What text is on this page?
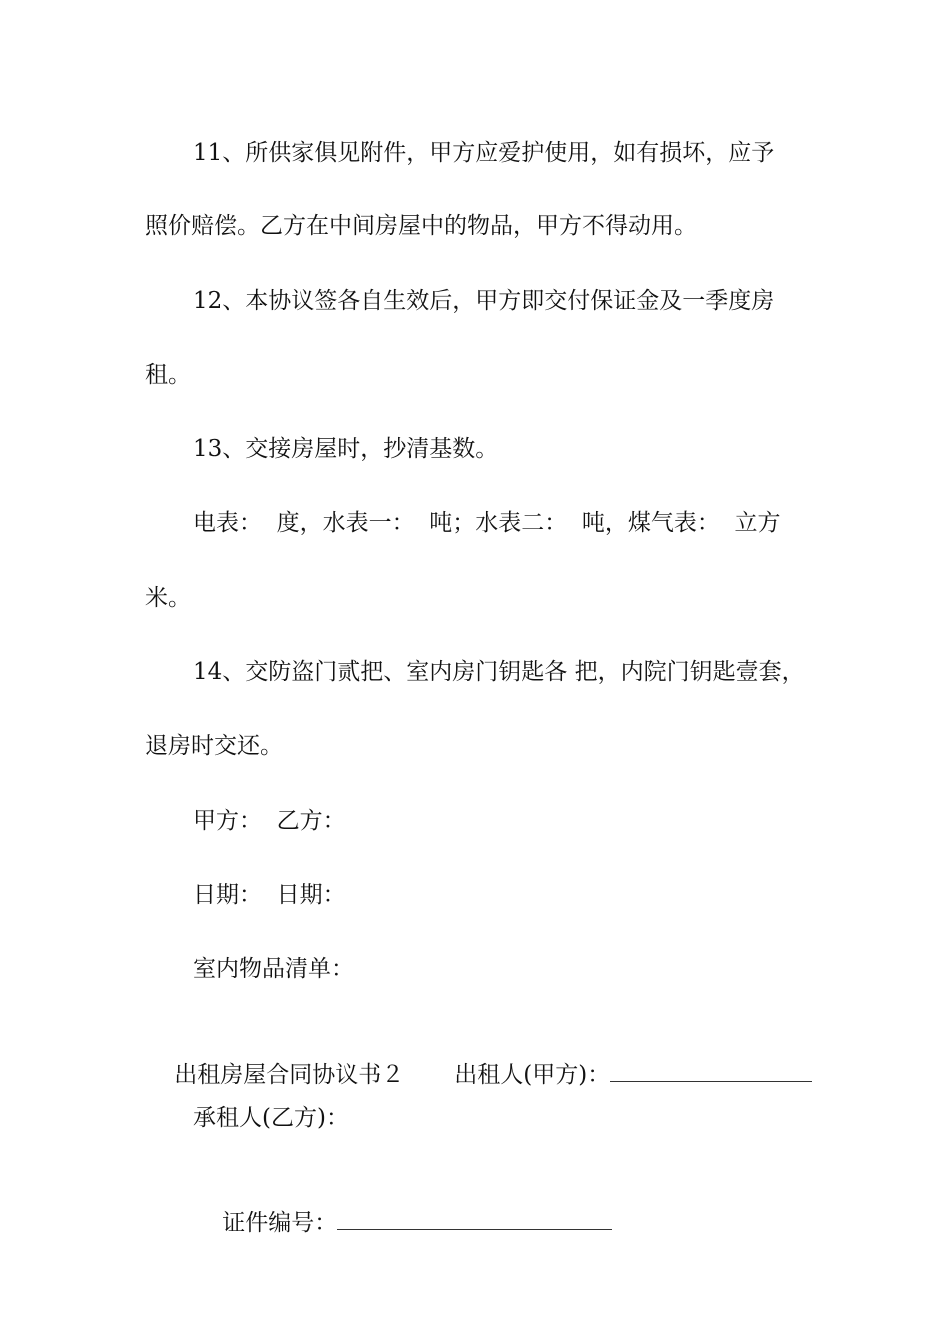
11、所供家俱见附件，甲方应爱护使用，如有损坏，应予
照价赔偿。乙方在中间房屋中的物品，甲方不得动用。
12、本协议签各自生效后，甲方即交付保证金及一季度房
租。
13、交接房屋时，抄清基数。
电表：  度，水表一：  吨；水表二：  吨，煤气表：  立方
米。
14、交防盗门贰把、室内房门钥匙各 把，内院门钥匙壹套，
退房时交还。
甲方：  乙方：
日期：  日期：
室内物品清单：

出租房屋合同协议书２ 出租人(甲方)：

承租人(乙方)：

证件编号：
